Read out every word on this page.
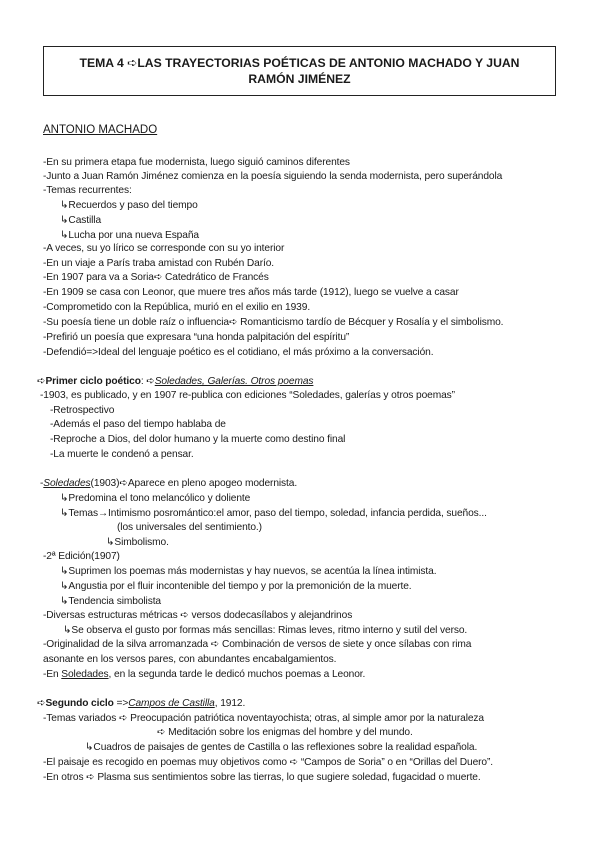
TEMA 4 ➪LAS TRAYECTORIAS POÉTICAS DE ANTONIO MACHADO Y JUAN
RAMÓN JIMÉNEZ
ANTONIO MACHADO
-En su primera etapa fue modernista, luego siguió caminos diferentes
-Junto a Juan Ramón Jiménez comienza en la poesía siguiendo la senda modernista, pero superándola
-Temas recurrentes:
↳Recuerdos y paso del tiempo
↳Castilla
↳Lucha por una nueva España
-A veces, su yo lírico se corresponde con su yo interior
-En un viaje a París traba amistad con Rubén Darío.
-En 1907 para va a Soria➪ Catedrático de Francés
-En 1909 se casa con Leonor, que muere tres años más tarde (1912), luego se vuelve a casar
-Comprometido con la República, murió en el exilio en 1939.
-Su poesía tiene un doble raíz o influencia➪ Romanticismo tardío de Bécquer y Rosalía y el simbolismo.
-Prefirió un poesía que expresara “una honda palpitación del espíritu”
-Defendió=>Ideal del lenguaje poético es el cotidiano, el más próximo a la conversación.
➪Primer ciclo poético: ➪Soledades, Galerías. Otros poemas
-1903, es publicado, y en 1907 re-publica con ediciones “Soledades, galerías y otros poemas”
-Retrospectivo
-Además el paso del tiempo hablaba de
-Reproche a Dios, del dolor humano y la muerte como destino final
-La muerte le condenó a pensar.
-Soledades(1903)➪Aparece en pleno apogeo modernista.
↳Predomina el tono melancólico y doliente
↳Temas→Intimismo posromántico:el amor, paso del tiempo, soledad, infancia perdida, sueños...
(los universales del sentimiento.)
↳Simbolismo.
-2ª Edición(1907)
↳Suprimen los poemas más modernistas y hay nuevos, se acentúa la línea intimista.
↳Angustia por el fluir incontenible del tiempo y por la premonición de la muerte.
↳Tendencia simbolista
-Diversas estructuras métricas ➪ versos dodecasílabos y alejandrinos
↳Se observa el gusto por formas más sencillas: Rimas leves, ritmo interno y sutil del verso.
-Originalidad de la silva arromanzada ➪ Combinación de versos de siete y once sílabas con rima
asonante en los versos pares, con abundantes encabalgamientos.
-En Soledades, en la segunda tarde le dedicó muchos poemas a Leonor.
➪Segundo ciclo =>Campos de Castilla, 1912.
-Temas variados ➪ Preocupación patriótica noventayochista; otras, al simple amor por la naturaleza
➪ Meditación sobre los enigmas del hombre y del mundo.
↳Cuadros de paisajes de gentes de Castilla o las reflexiones sobre la realidad española.
-El paisaje es recogido en poemas muy objetivos como ➪ “Campos de Soria” o en “Orillas del Duero”.
-En otros ➪ Plasma sus sentimientos sobre las tierras, lo que sugiere soledad, fugacidad o muerte.
